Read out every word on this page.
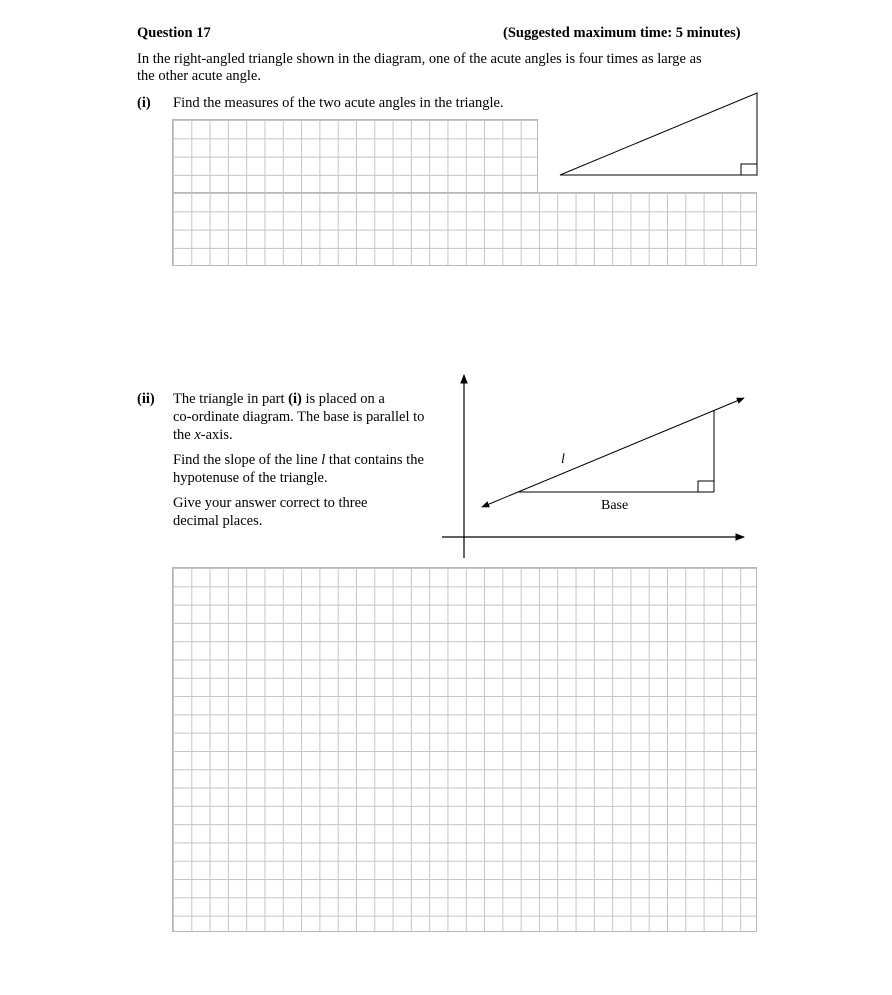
Question 17	(Suggested maximum time: 5 minutes)
In the right-angled triangle shown in the diagram, one of the acute angles is four times as large as
the other acute angle.
(i) Find the measures of the two acute angles in the triangle.
(ii) The triangle in part (i) is placed on a
co-ordinate diagram. The base is parallel to
the x-axis.
Find the slope of the line l that contains the
hypotenuse of the triangle.
Give your answer correct to three
decimal places.
l
Base
